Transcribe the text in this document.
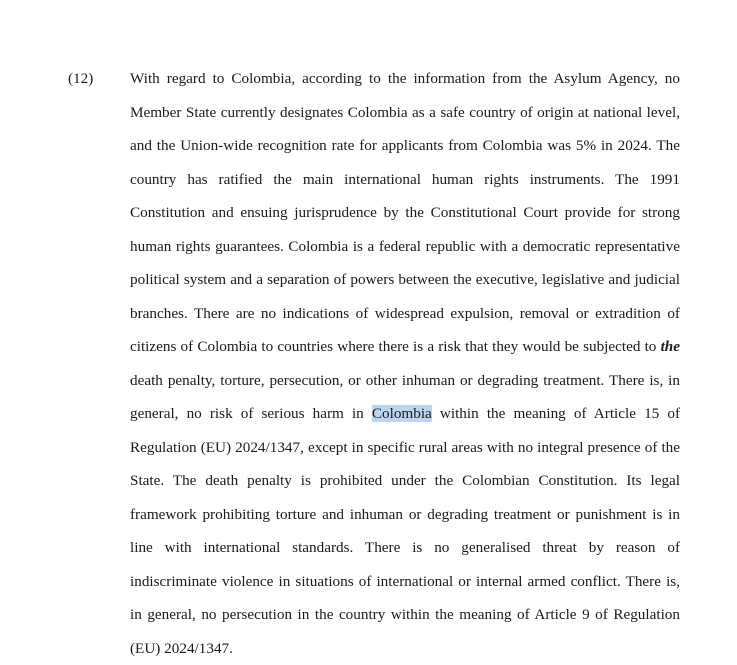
(12)	With regard to Colombia, according to the information from the Asylum Agency, no Member State currently designates Colombia as a safe country of origin at national level, and the Union-wide recognition rate for applicants from Colombia was 5% in 2024. The country has ratified the main international human rights instruments. The 1991 Constitution and ensuing jurisprudence by the Constitutional Court provide for strong human rights guarantees. Colombia is a federal republic with a democratic representative political system and a separation of powers between the executive, legislative and judicial branches. There are no indications of widespread expulsion, removal or extradition of citizens of Colombia to countries where there is a risk that they would be subjected to the death penalty, torture, persecution, or other inhuman or degrading treatment. There is, in general, no risk of serious harm in Colombia within the meaning of Article 15 of Regulation (EU) 2024/1347, except in specific rural areas with no integral presence of the State. The death penalty is prohibited under the Colombian Constitution. Its legal framework prohibiting torture and inhuman or degrading treatment or punishment is in line with international standards. There is no generalised threat by reason of indiscriminate violence in situations of international or internal armed conflict. There is, in general, no persecution in the country within the meaning of Article 9 of Regulation (EU) 2024/1347.
